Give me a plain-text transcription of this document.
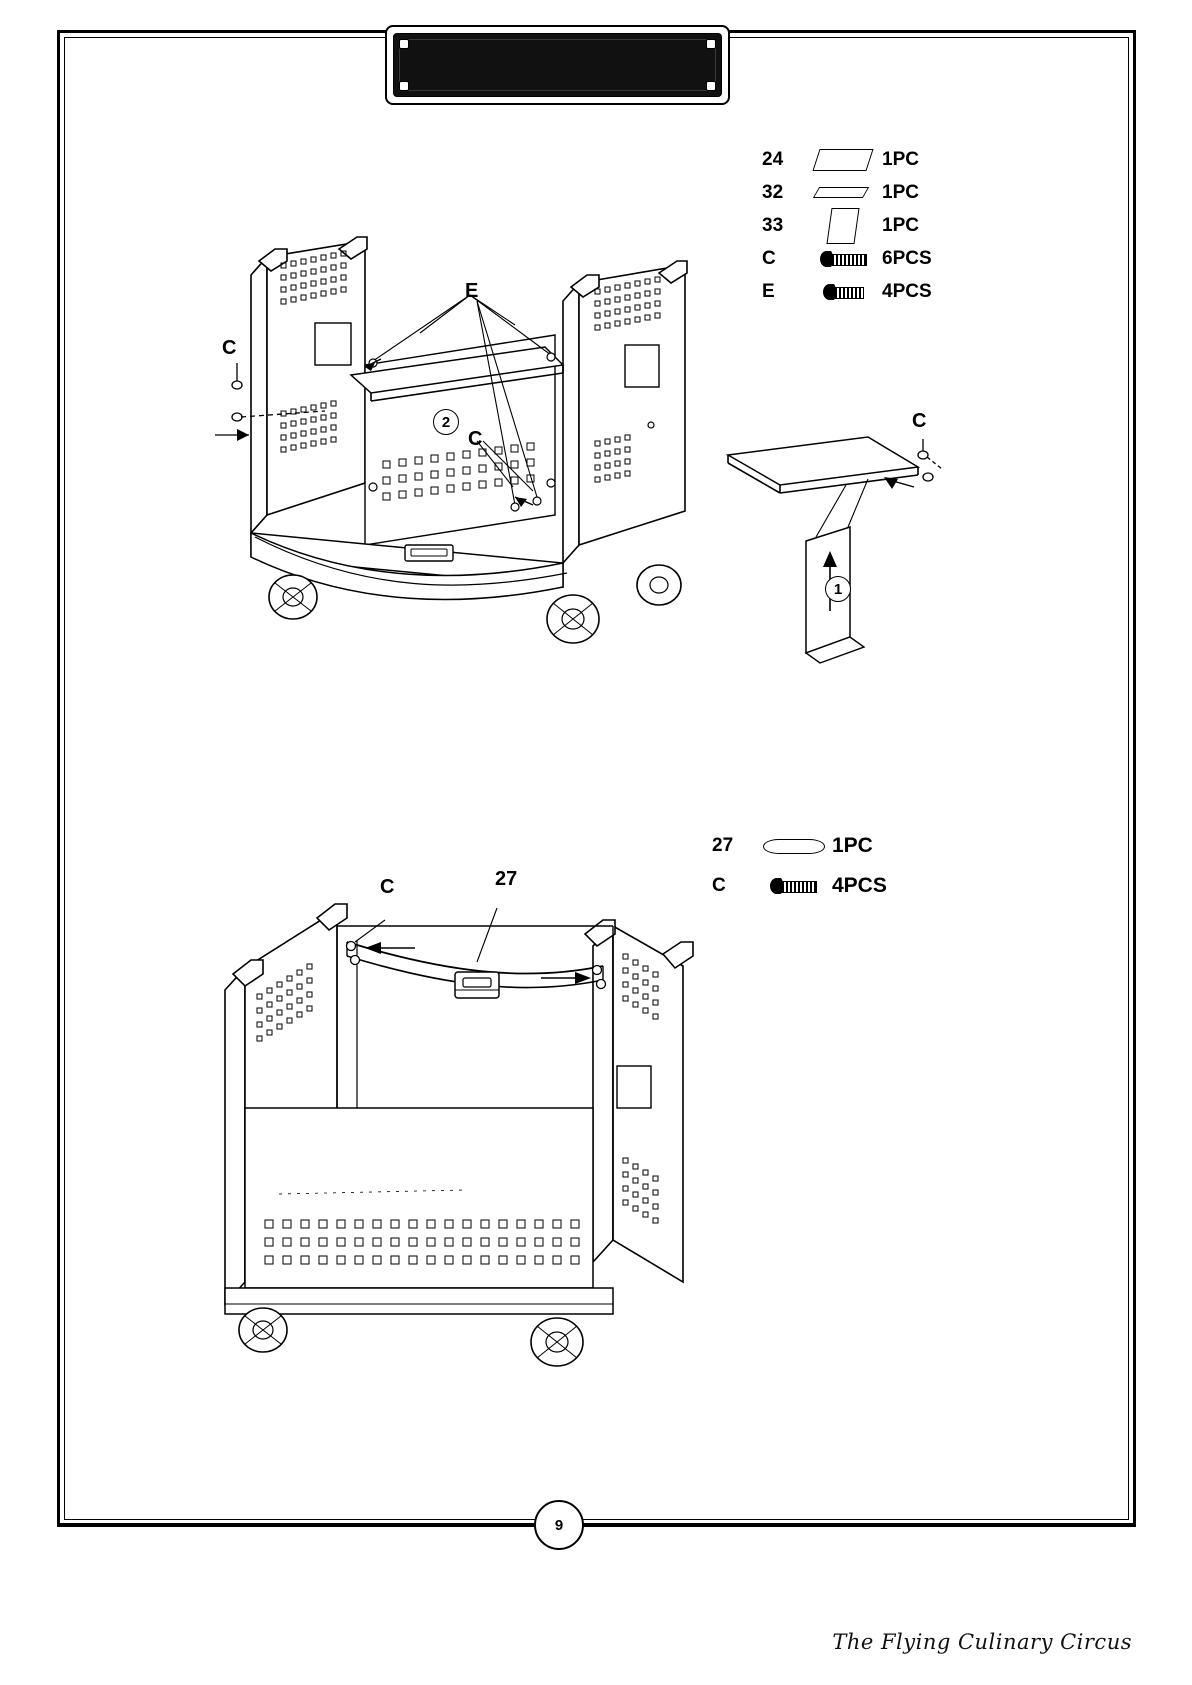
24	1PC
32	1PC
33	1PC
C	6PCS
E	4PCS
E
C
C
2	C
1
27	1PC
C	4PCS
C	27
9
The Flying Culinary Circus
